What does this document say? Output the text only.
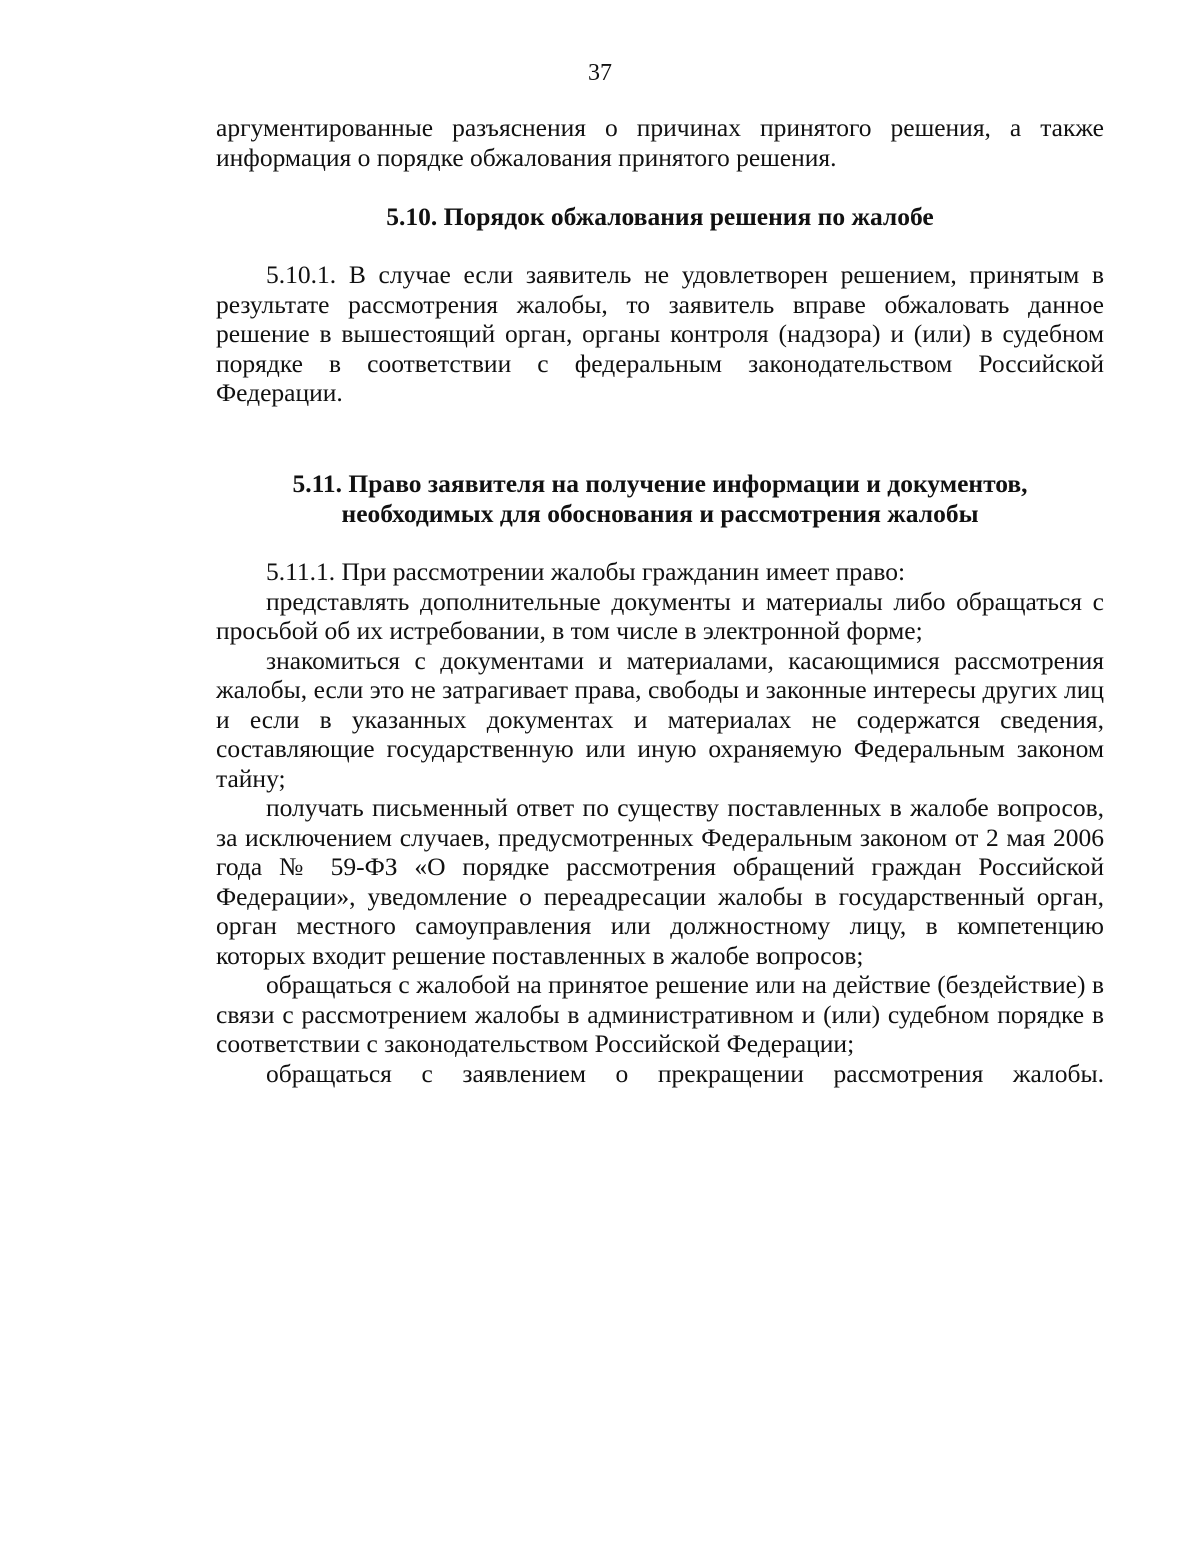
37

аргументированные разъяснения о причинах принятого решения, а также информация о порядке обжалования принятого решения.

5.10. Порядок обжалования решения по жалобе

5.10.1. В случае если заявитель не удовлетворен решением, принятым в результате рассмотрения жалобы, то заявитель вправе обжаловать данное решение в вышестоящий орган, органы контроля (надзора) и (или) в судебном порядке в соответствии с федеральным законодательством Российской Федерации.

5.11. Право заявителя на получение информации и документов,
необходимых для обоснования и рассмотрения жалобы

5.11.1. При рассмотрении жалобы гражданин имеет право:

представлять дополнительные документы и материалы либо обращаться с просьбой об их истребовании, в том числе в электронной форме;

знакомиться с документами и материалами, касающимися рассмотрения жалобы, если это не затрагивает права, свободы и законные интересы других лиц и если в указанных документах и материалах не содержатся сведения, составляющие государственную или иную охраняемую Федеральным законом тайну;

получать письменный ответ по существу поставленных в жалобе вопросов, за исключением случаев, предусмотренных Федеральным законом от 2 мая 2006 года № 59-ФЗ «О порядке рассмотрения обращений граждан Российской Федерации», уведомление о переадресации жалобы в государственный орган, орган местного самоуправления или должностному лицу, в компетенцию которых входит решение поставленных в жалобе вопросов;

обращаться с жалобой на принятое решение или на действие (бездействие) в связи с рассмотрением жалобы в административном и (или) судебном порядке в соответствии с законодательством Российской Федерации;

обращаться с заявлением о прекращении рассмотрения жалобы.
